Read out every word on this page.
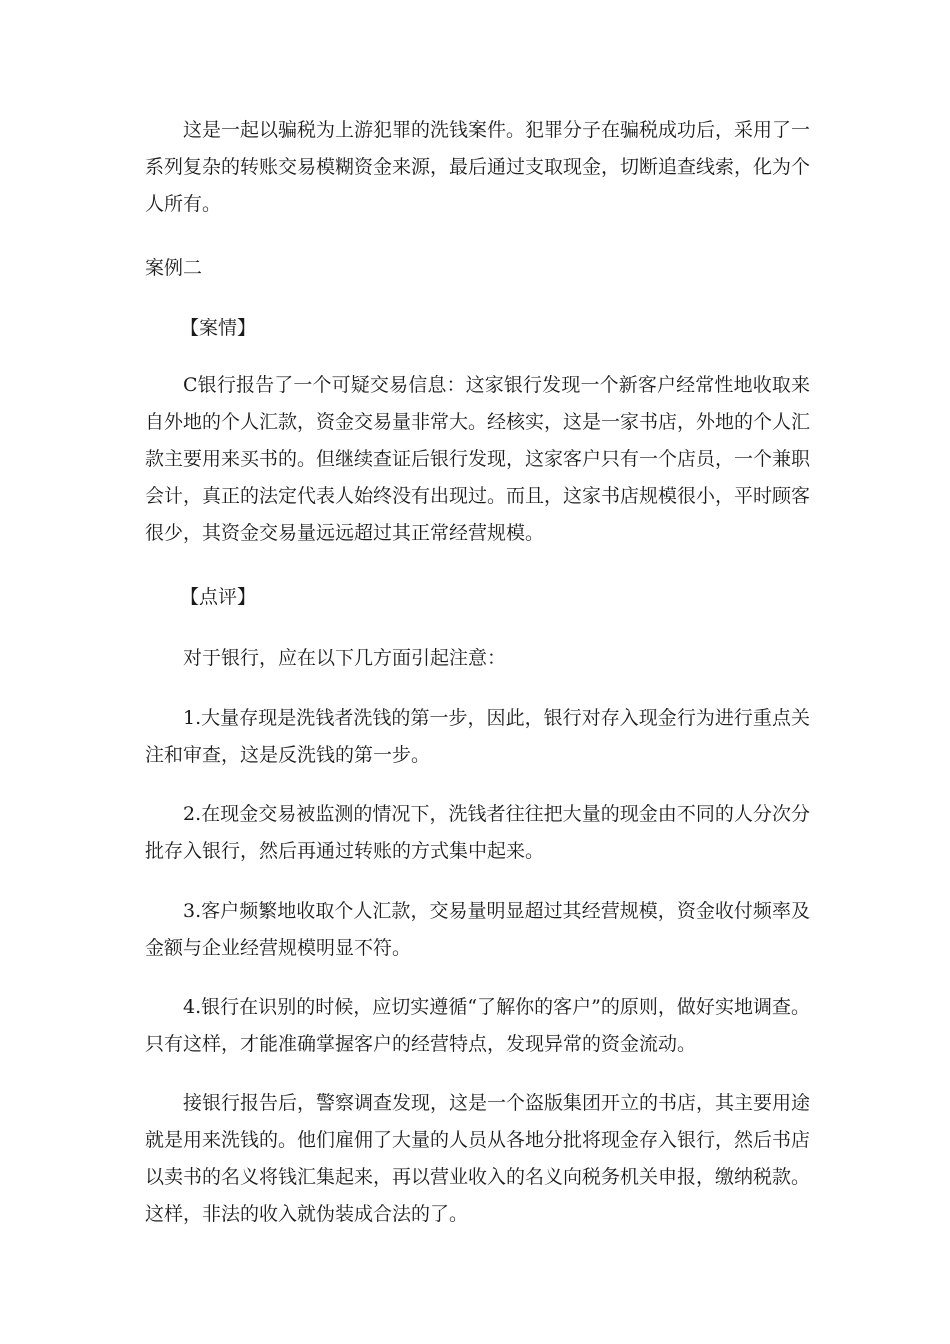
这是一起以骗税为上游犯罪的洗钱案件。犯罪分子在骗税成功后，采用了一系列复杂的转账交易模糊资金来源，最后通过支取现金，切断追查线索，化为个人所有。

案例二

【案情】

C银行报告了一个可疑交易信息：这家银行发现一个新客户经常性地收取来自外地的个人汇款，资金交易量非常大。经核实，这是一家书店，外地的个人汇款主要用来买书的。但继续查证后银行发现，这家客户只有一个店员，一个兼职会计，真正的法定代表人始终没有出现过。而且，这家书店规模很小，平时顾客很少，其资金交易量远远超过其正常经营规模。

【点评】

对于银行，应在以下几方面引起注意：

1.大量存现是洗钱者洗钱的第一步，因此，银行对存入现金行为进行重点关注和审查，这是反洗钱的第一步。

2.在现金交易被监测的情况下，洗钱者往往把大量的现金由不同的人分次分批存入银行，然后再通过转账的方式集中起来。

3.客户频繁地收取个人汇款，交易量明显超过其经营规模，资金收付频率及金额与企业经营规模明显不符。

4.银行在识别的时候，应切实遵循“了解你的客户”的原则，做好实地调查。只有这样，才能准确掌握客户的经营特点，发现异常的资金流动。

接银行报告后，警察调查发现，这是一个盗版集团开立的书店，其主要用途就是用来洗钱的。他们雇佣了大量的人员从各地分批将现金存入银行，然后书店以卖书的名义将钱汇集起来，再以营业收入的名义向税务机关申报，缴纳税款。这样，非法的收入就伪装成合法的了。
